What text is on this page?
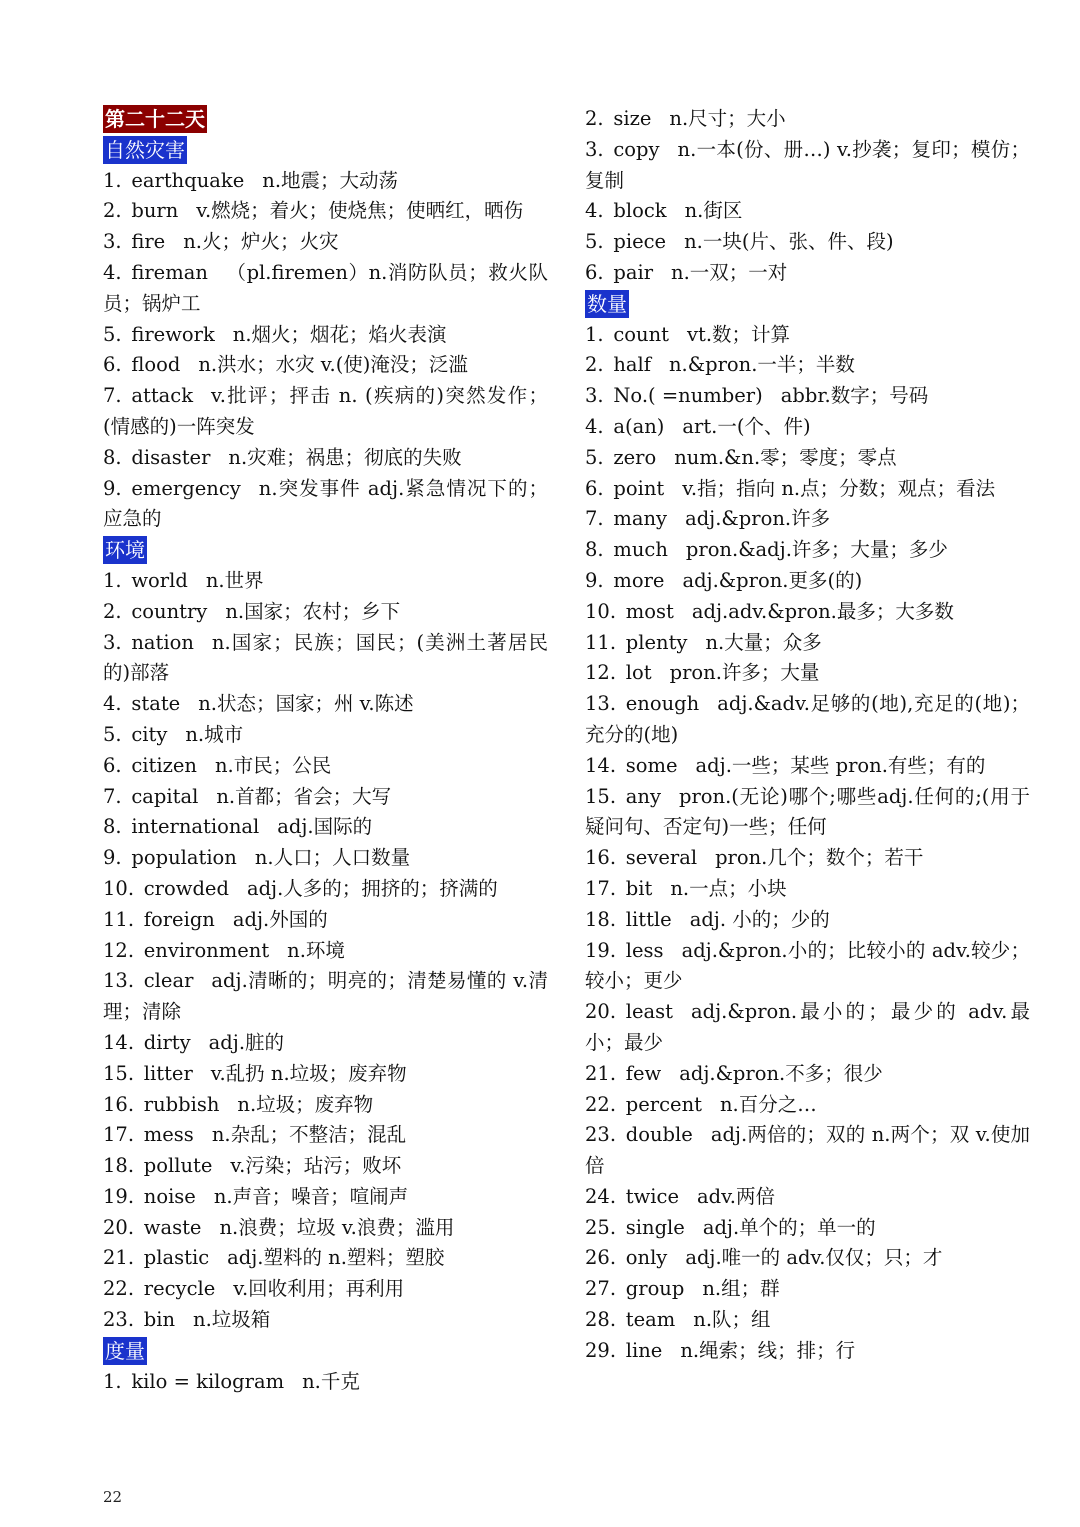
第二十二天
自然灾害

1.  earthquake n.地震；大动荡

2.  burn v.燃烧；着火；使烧焦；使晒红，晒伤

3.  fire n.火；炉火；火灾

4.  fireman （pl.firemen）n.消防队员；救火队员；锅炉工

5.  firework n.烟火；烟花；焰火表演

6.  flood n.洪水；水灾 v.(使)淹没；泛滥

7.  attack v.批评；抨击 n. (疾病的)突然发作；(情感的)一阵突发

8.  disaster n.灾难；祸患；彻底的失败

9.  emergency n.突发事件 adj.紧急情况下的；应急的

环境

1.  world n.世界

2.  country n.国家；农村；乡下

3.  nation n.国家；民族；国民；(美洲土著居民的)部落

4.  state n.状态；国家；州 v.陈述

5.  city n.城市

6.  citizen n.市民；公民

7.  capital n.首都；省会；大写

8.  international adj.国际的

9.  population n.人口；人口数量

10.  crowded adj.人多的；拥挤的；挤满的

11.  foreign adj.外国的

12.  environment n.环境

13.  clear adj.清晰的；明亮的；清楚易懂的 v.清理；清除

14.  dirty adj.脏的

15.  litter v.乱扔 n.垃圾；废弃物

16.  rubbish n.垃圾；废弃物

17.  mess n.杂乱；不整洁；混乱

18.  pollute v.污染；玷污；败坏

19.  noise n.声音；噪音；喧闹声

20.  waste n.浪费；垃圾 v.浪费；滥用

21.  plastic adj.塑料的 n.塑料；塑胶

22.  recycle v.回收利用；再利用

23.  bin n.垃圾箱

度量

1.  kilo = kilogram n.千克

2.  size n.尺寸；大小

3.  copy n.一本(份、册…) v.抄袭；复印；模仿；复制

4.  block n.街区

5.  piece n.一块(片、张、件、段)

6.  pair n.一双；一对

数量

1.  count vt.数；计算

2.  half n.&pron.一半；半数

3.  No.( =number) abbr.数字；号码

4.  a(an) art.一(个、件)

5.  zero num.&n.零；零度；零点

6.  point v.指；指向 n.点；分数；观点；看法

7.  many adj.&pron.许多

8.  much pron.&adj.许多；大量；多少

9.  more adj.&pron.更多(的)

10.  most adj.adv.&pron.最多；大多数

11.  plenty n.大量；众多

12.  lot pron.许多；大量

13.  enough adj.&adv.足够的(地),充足的(地)；充分的(地)

14.  some adj.一些；某些 pron.有些；有的

15.  any pron.(无论)哪个;哪些adj.任何的;(用于疑问句、否定句)一些；任何

16.  several pron.几个；数个；若干

17.  bit n.一点；小块

18.  little adj. 小的；少的

19.  less adj.&pron.小的；比较小的 adv.较少；较小；更少

20.  least adj.&pron.最小的；最少的 adv.最小；最少

21.  few adj.&pron.不多；很少

22.  percent n.百分之…

23.  double adj.两倍的；双的 n.两个；双 v.使加倍

24.  twice adv.两倍

25.  single adj.单个的；单一的

26.  only adj.唯一的 adv.仅仅；只；才

27.  group n.组；群

28.  team n.队；组

29.  line n.绳索；线；排；行

22
